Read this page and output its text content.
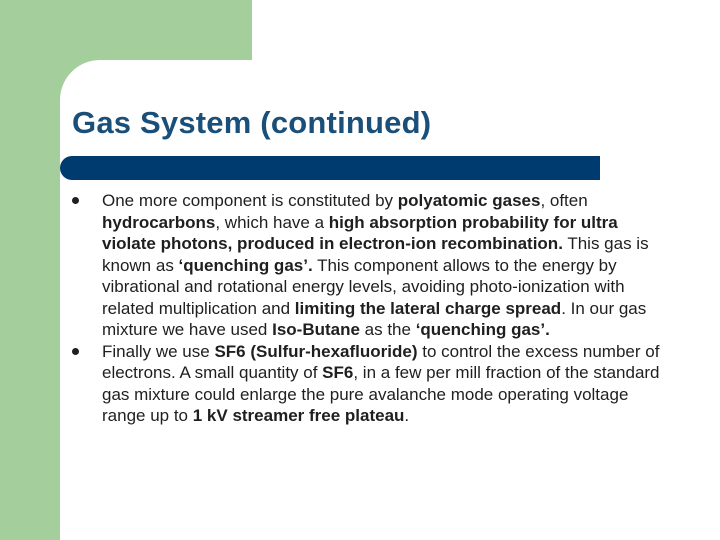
Gas System (continued)
One more component is constituted by polyatomic gases, often hydrocarbons, which have a high absorption probability for ultra violate photons, produced in electron-ion recombination. This gas is known as ‘quenching gas’. This component allows to the energy by vibrational and rotational energy levels, avoiding photo-ionization with related multiplication and limiting the lateral charge spread. In our gas mixture we have used Iso-Butane as the ‘quenching gas’.
Finally we use SF6 (Sulfur-hexafluoride) to control the excess number of electrons. A small quantity of SF6, in a few per mill fraction of the standard gas mixture could enlarge the pure avalanche mode operating voltage range up to 1 kV streamer free plateau.
